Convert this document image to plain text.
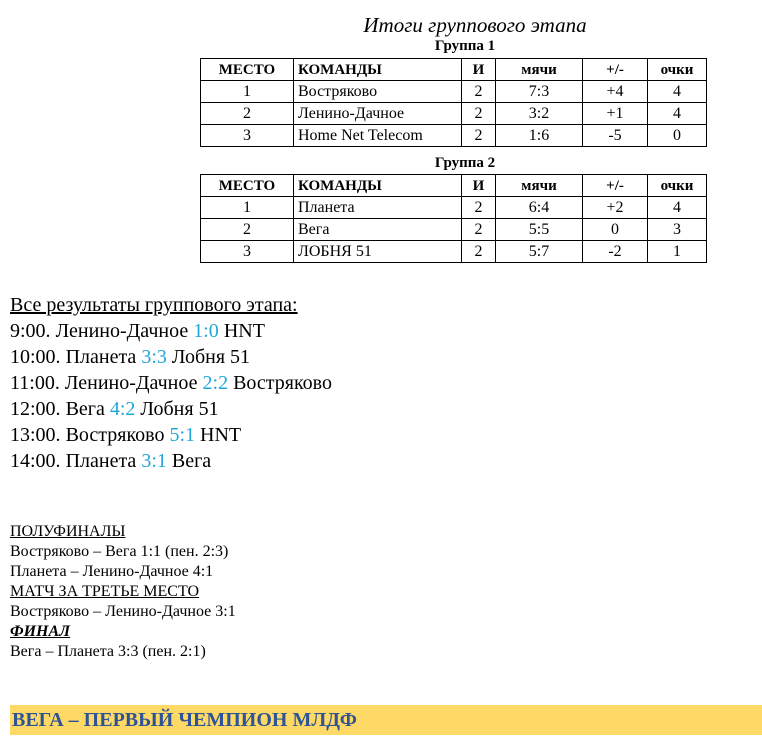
Итоги группового этапа
Группа 1
МЕСТО	КОМАНДЫ	И	мячи	+/-	очки
1	Востряково	2	7:3	+4	4
2	Ленино-Дачное	2	3:2	+1	4
3	Home Net Telecom	2	1:6	-5	0
Группа 2
МЕСТО	КОМАНДЫ	И	мячи	+/-	очки
1	Планета	2	6:4	+2	4
2	Вега	2	5:5	0	3
3	ЛОБНЯ 51	2	5:7	-2	1
Все результаты группового этапа:
9:00. Ленино-Дачное 1:0 HNT
10:00. Планета 3:3 Лобня 51
11:00. Ленино-Дачное 2:2 Востряково
12:00. Вега 4:2 Лобня 51
13:00. Востряково 5:1 HNT
14:00. Планета 3:1 Вега
ПОЛУФИНАЛЫ
Востряково – Вега 1:1 (пен. 2:3)
Планета – Ленино-Дачное 4:1
МАТЧ ЗА ТРЕТЬЕ МЕСТО
Востряково – Ленино-Дачное 3:1
ФИНАЛ
Вега – Планета 3:3 (пен. 2:1)
ВЕГА – ПЕРВЫЙ ЧЕМПИОН МЛДФ
